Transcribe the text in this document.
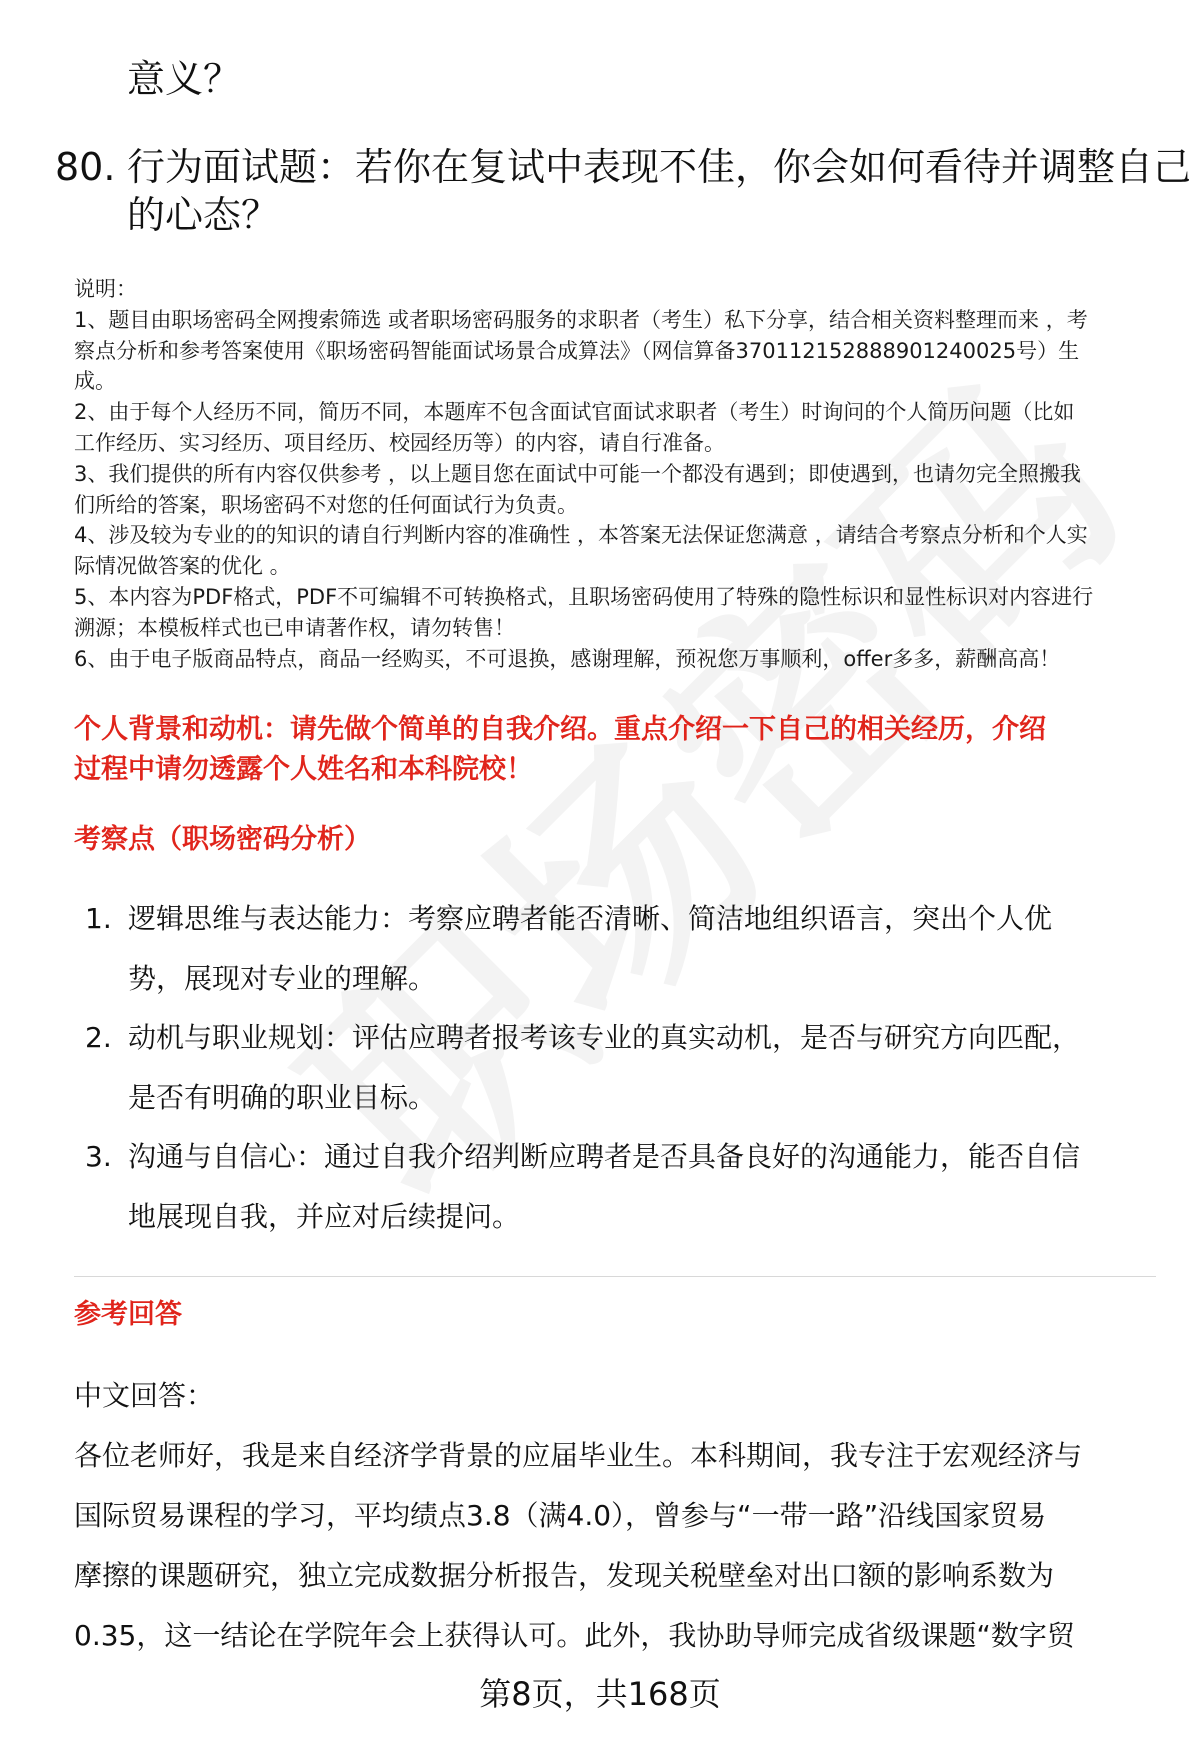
意义？
80. 行为面试题：若你在复试中表现不佳，你会如何看待并调整自己
的心态？
说明：
1、题目由职场密码全网搜索筛选 或者职场密码服务的求职者（考生）私下分享，结合相关资料整理而来 ，考
察点分析和参考答案使用《职场密码智能面试场景合成算法》（网信算备370112152888901240025号）生
成。
2、由于每个人经历不同，简历不同，本题库不包含面试官面试求职者（考生）时询问的个人简历问题（比如
工作经历、实习经历、项目经历、校园经历等）的内容，请自行准备。
3、我们提供的所有内容仅供参考 ，以上题目您在面试中可能一个都没有遇到；即使遇到，也请勿完全照搬我
们所给的答案，职场密码不对您的任何面试行为负责。
4、涉及较为专业的的知识的请自行判断内容的准确性 ，本答案无法保证您满意 ，请结合考察点分析和个人实
际情况做答案的优化 。
5、本内容为PDF格式，PDF不可编辑不可转换格式，且职场密码使用了特殊的隐性标识和显性标识对内容进行
溯源；本模板样式也已申请著作权，请勿转售！
6、由于电子版商品特点，商品一经购买，不可退换，感谢理解，预祝您万事顺利，offer多多，薪酬高高！
个人背景和动机：请先做个简单的自我介绍。重点介绍一下自己的相关经历，介绍
过程中请勿透露个人姓名和本科院校！
考察点（职场密码分析）
1. 逻辑思维与表达能力：考察应聘者能否清晰、简洁地组织语言，突出个人优
势，展现对专业的理解。
2. 动机与职业规划：评估应聘者报考该专业的真实动机，是否与研究方向匹配，
是否有明确的职业目标。
3. 沟通与自信心：通过自我介绍判断应聘者是否具备良好的沟通能力，能否自信
地展现自我，并应对后续提问。
参考回答
中文回答：
各位老师好，我是来自经济学背景的应届毕业生。本科期间，我专注于宏观经济与
国际贸易课程的学习，平均绩点3.8（满4.0），曾参与“一带一路”沿线国家贸易
摩擦的课题研究，独立完成数据分析报告，发现关税壁垒对出口额的影响系数为
0.35，这一结论在学院年会上获得认可。此外，我协助导师完成省级课题“数字贸
第8页，共168页
